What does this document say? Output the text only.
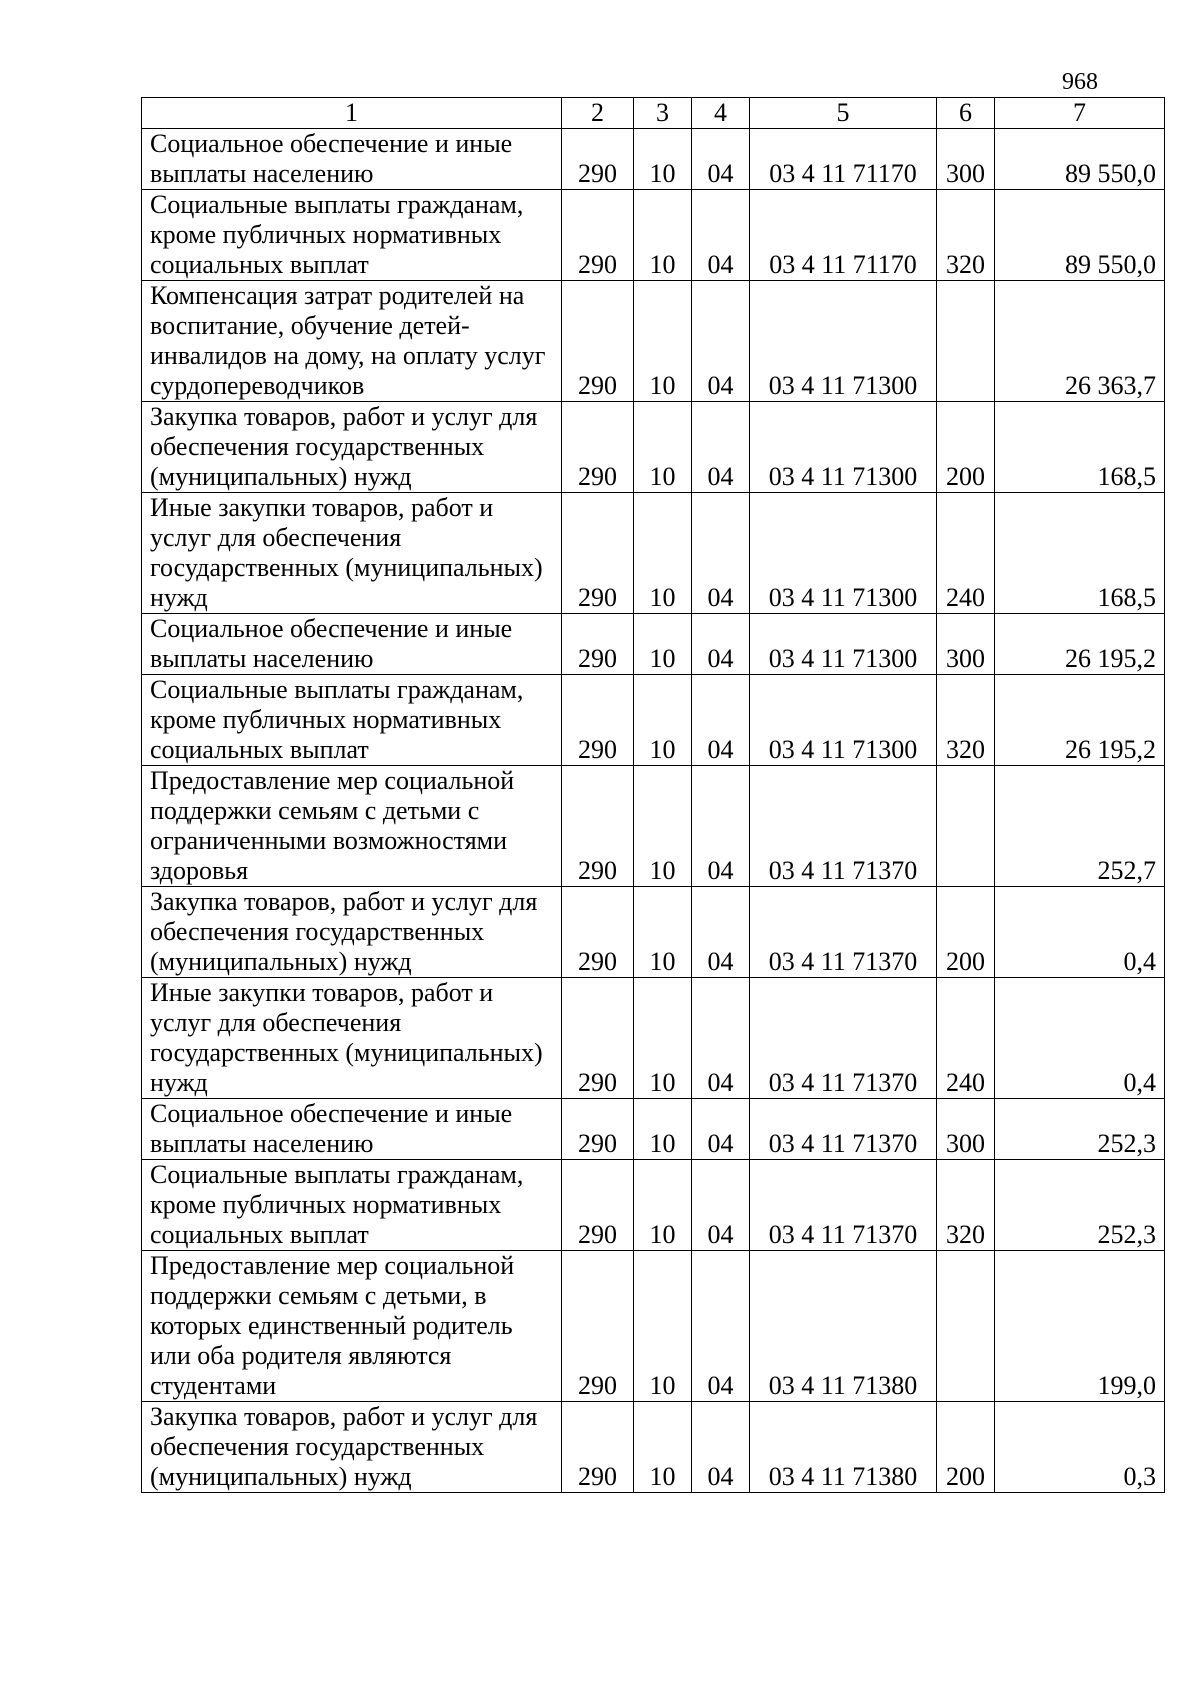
968
1	2	3	4	5	6	7
Социальное обеспечение и иные выплаты населению	290	10	04	03 4 11 71170	300	89 550,0
Социальные выплаты гражданам, кроме публичных нормативных социальных выплат	290	10	04	03 4 11 71170	320	89 550,0
Компенсация затрат родителей на воспитание, обучение детей-инвалидов на дому, на оплату услуг сурдопереводчиков	290	10	04	03 4 11 71300		26 363,7
Закупка товаров, работ и услуг для обеспечения государственных (муниципальных) нужд	290	10	04	03 4 11 71300	200	168,5
Иные закупки товаров, работ и услуг для обеспечения государственных (муниципальных) нужд	290	10	04	03 4 11 71300	240	168,5
Социальное обеспечение и иные выплаты населению	290	10	04	03 4 11 71300	300	26 195,2
Социальные выплаты гражданам, кроме публичных нормативных социальных выплат	290	10	04	03 4 11 71300	320	26 195,2
Предоставление мер социальной поддержки семьям с детьми с ограниченными возможностями здоровья	290	10	04	03 4 11 71370		252,7
Закупка товаров, работ и услуг для обеспечения государственных (муниципальных) нужд	290	10	04	03 4 11 71370	200	0,4
Иные закупки товаров, работ и услуг для обеспечения государственных (муниципальных) нужд	290	10	04	03 4 11 71370	240	0,4
Социальное обеспечение и иные выплаты населению	290	10	04	03 4 11 71370	300	252,3
Социальные выплаты гражданам, кроме публичных нормативных социальных выплат	290	10	04	03 4 11 71370	320	252,3
Предоставление мер социальной поддержки семьям с детьми, в которых единственный родитель или оба родителя являются студентами	290	10	04	03 4 11 71380		199,0
Закупка товаров, работ и услуг для обеспечения государственных (муниципальных) нужд	290	10	04	03 4 11 71380	200	0,3
